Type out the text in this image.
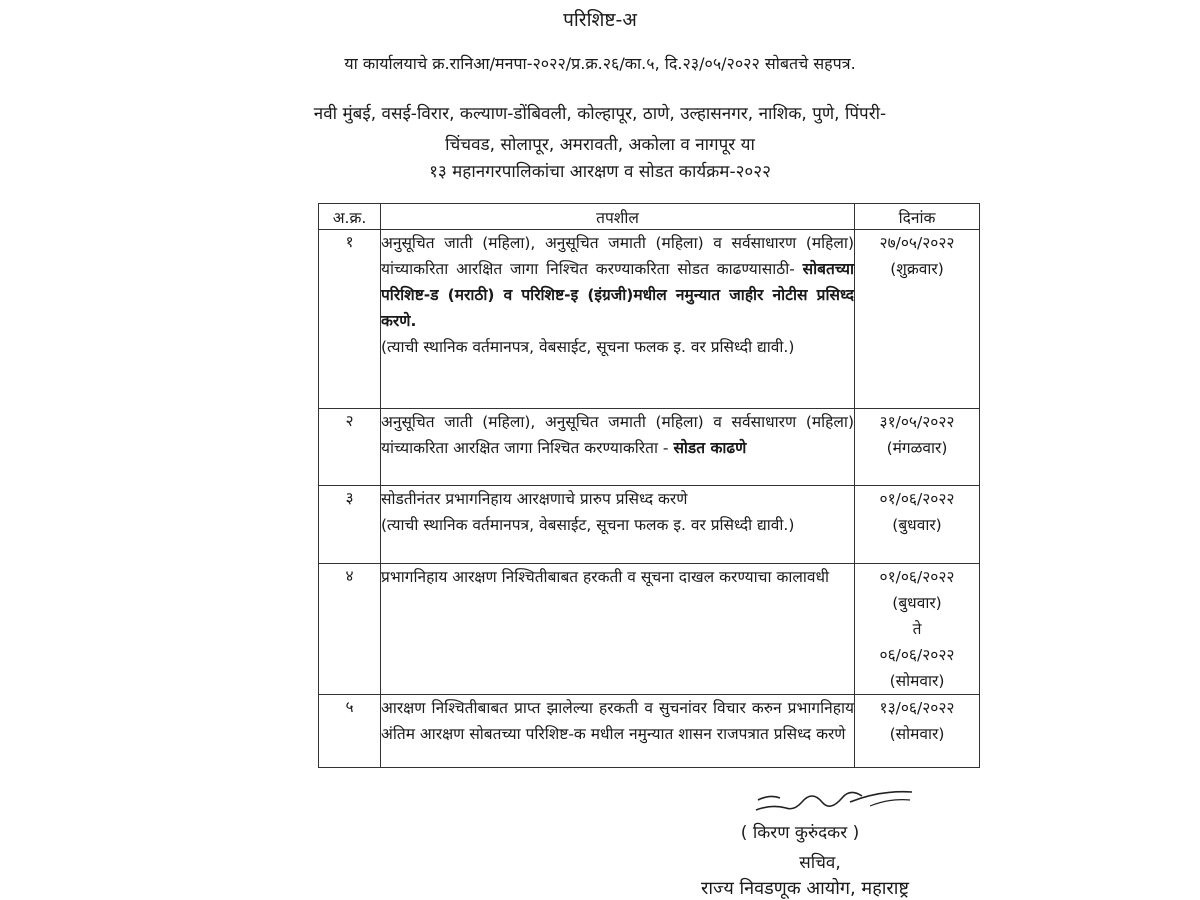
परिशिष्ट-अ
या कार्यालयाचे क्र.रानिआ/मनपा-२०२२/प्र.क्र.२६/का.५, दि.२३/०५/२०२२ सोबतचे सहपत्र.
नवी मुंबई, वसई-विरार, कल्याण-डोंबिवली, कोल्हापूर, ठाणे, उल्हासनगर, नाशिक, पुणे, पिंपरी-
चिंचवड, सोलापूर, अमरावती, अकोला व नागपूर या
१३ महानगरपालिकांचा आरक्षण व सोडत कार्यक्रम-२०२२
अ.क्र.	तपशील	दिनांक
१	अनुसूचित जाती (महिला), अनुसूचित जमाती (महिला) व सर्वसाधारण (महिला) यांच्याकरिता आरक्षित जागा निश्चित करण्याकरिता सोडत काढण्यासाठी- सोबतच्या परिशिष्ट-ड (मराठी) व परिशिष्ट-इ (इंग्रजी)मधील नमुन्यात जाहीर नोटीस प्रसिध्द करणे.
(त्याची स्थानिक वर्तमानपत्र, वेबसाईट, सूचना फलक इ. वर प्रसिध्दी द्यावी.)	२७/०५/२०२२
(शुक्रवार)

२	अनुसूचित जाती (महिला), अनुसूचित जमाती (महिला) व सर्वसाधारण (महिला) यांच्याकरिता आरक्षित जागा निश्चित करण्याकरिता - सोडत काढणे	३१/०५/२०२२
(मंगळवार)

३	सोडतीनंतर प्रभागनिहाय आरक्षणाचे प्रारुप प्रसिध्द करणे
(त्याची स्थानिक वर्तमानपत्र, वेबसाईट, सूचना फलक इ. वर प्रसिध्दी द्यावी.)	०१/०६/२०२२
(बुधवार)

४	प्रभागनिहाय आरक्षण निश्चितीबाबत हरकती व सूचना दाखल करण्याचा कालावधी	०१/०६/२०२२
(बुधवार)
ते
०६/०६/२०२२
(सोमवार)

५	आरक्षण निश्चितीबाबत प्राप्त झालेल्या हरकती व सुचनांवर विचार करुन प्रभागनिहाय अंतिम आरक्षण सोबतच्या परिशिष्ट-क मधील नमुन्यात शासन राजपत्रात प्रसिध्द करणे	१३/०६/२०२२
(सोमवार)
( किरण कुरुंदकर )
सचिव,
राज्य निवडणूक आयोग, महाराष्ट्र
